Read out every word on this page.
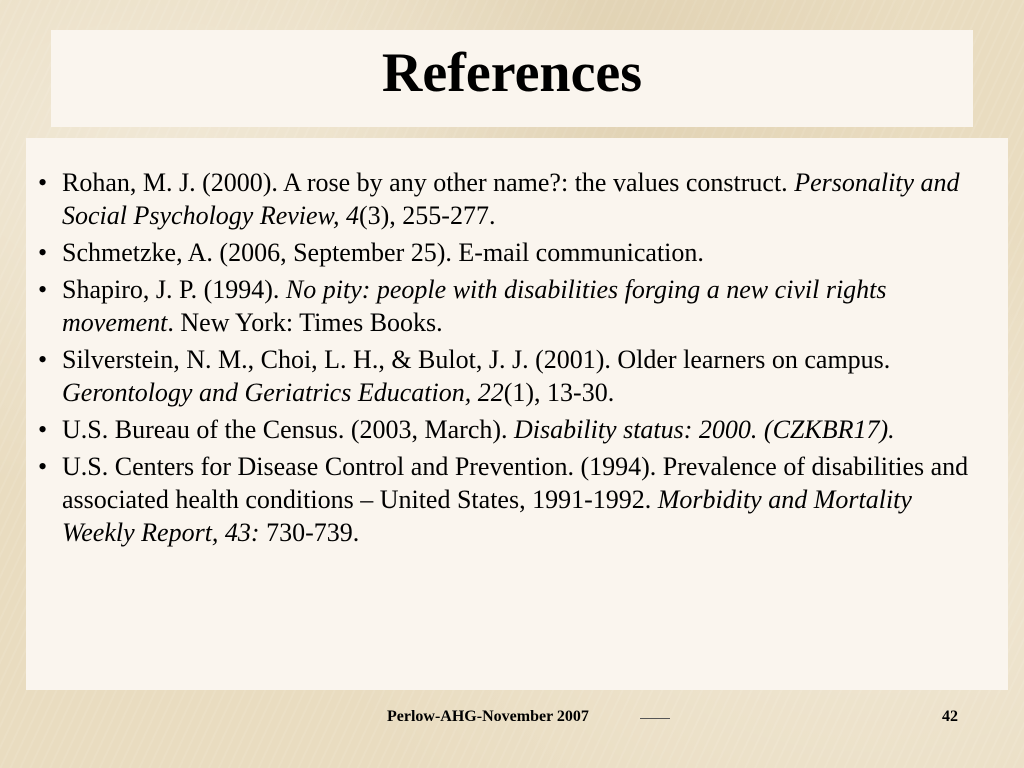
References
• Rohan, M. J. (2000). A rose by any other name?: the values construct. Personality and Social Psychology Review, 4(3), 255-277.
• Schmetzke, A. (2006, September 25). E-mail communication.
• Shapiro, J. P. (1994). No pity: people with disabilities forging a new civil rights movement. New York: Times Books.
• Silverstein, N. M., Choi, L. H., & Bulot, J. J. (2001). Older learners on campus. Gerontology and Geriatrics Education, 22(1), 13-30.
• U.S. Bureau of the Census. (2003, March). Disability status: 2000. (CZKBR17).
• U.S. Centers for Disease Control and Prevention. (1994). Prevalence of disabilities and associated health conditions – United States, 1991-1992. Morbidity and Mortality Weekly Report, 43: 730-739.
Perlow-AHG-November 2007	42
